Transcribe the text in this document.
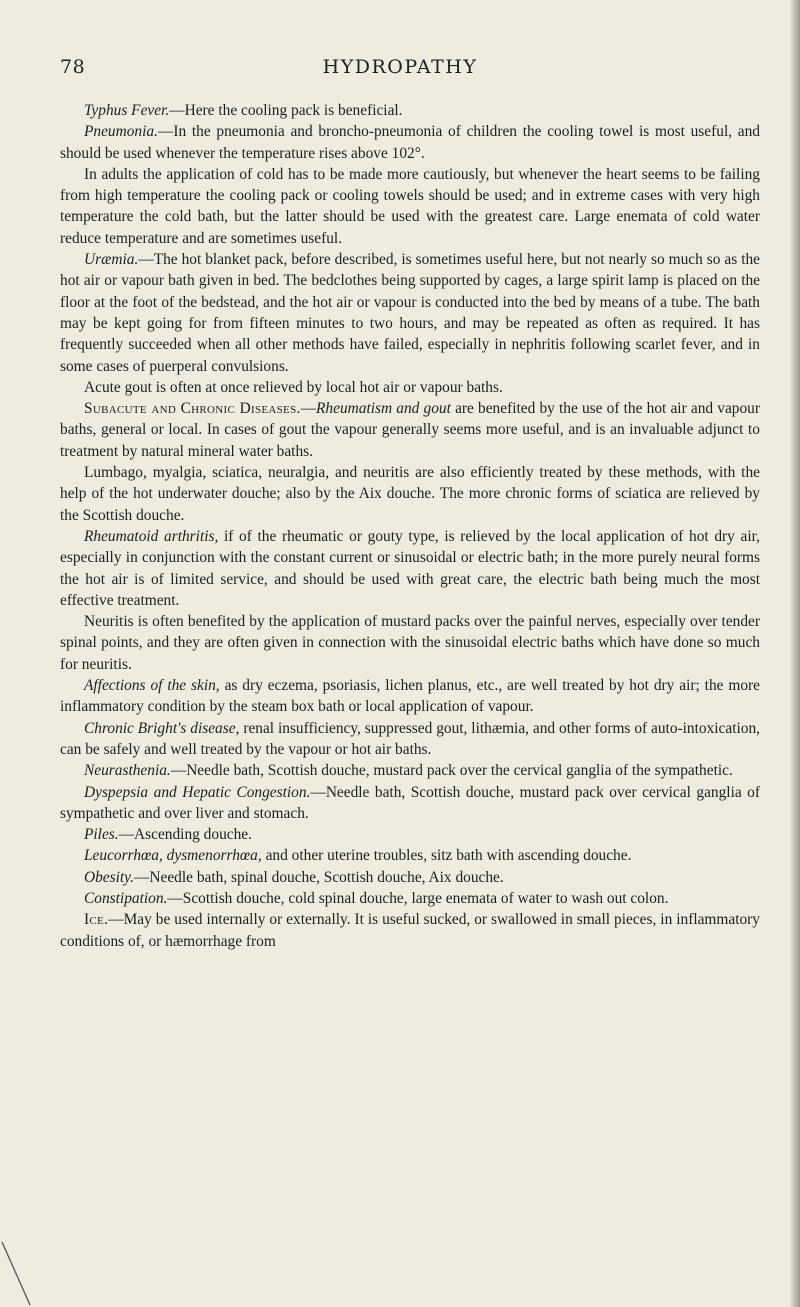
78	HYDROPATHY

Typhus Fever.—Here the cooling pack is beneficial.

Pneumonia.—In the pneumonia and broncho-pneumonia of children the cooling towel is most useful, and should be used whenever the temperature rises above 102°.

In adults the application of cold has to be made more cautiously, but whenever the heart seems to be failing from high temperature the cooling pack or cooling towels should be used; and in extreme cases with very high temperature the cold bath, but the latter should be used with the greatest care. Large enemata of cold water reduce temperature and are sometimes useful.

Uræmia.—The hot blanket pack, before described, is sometimes useful here, but not nearly so much so as the hot air or vapour bath given in bed. The bedclothes being supported by cages, a large spirit lamp is placed on the floor at the foot of the bedstead, and the hot air or vapour is conducted into the bed by means of a tube. The bath may be kept going for from fifteen minutes to two hours, and may be repeated as often as required. It has frequently succeeded when all other methods have failed, especially in nephritis following scarlet fever, and in some cases of puerperal convulsions.

Acute gout is often at once relieved by local hot air or vapour baths.

Subacute and Chronic Diseases.—Rheumatism and gout are benefited by the use of the hot air and vapour baths, general or local. In cases of gout the vapour generally seems more useful, and is an invaluable adjunct to treatment by natural mineral water baths.

Lumbago, myalgia, sciatica, neuralgia, and neuritis are also efficiently treated by these methods, with the help of the hot underwater douche; also by the Aix douche. The more chronic forms of sciatica are relieved by the Scottish douche.

Rheumatoid arthritis, if of the rheumatic or gouty type, is relieved by the local application of hot dry air, especially in conjunction with the constant current or sinusoidal or electric bath; in the more purely neural forms the hot air is of limited service, and should be used with great care, the electric bath being much the most effective treatment.

Neuritis is often benefited by the application of mustard packs over the painful nerves, especially over tender spinal points, and they are often given in connection with the sinusoidal electric baths which have done so much for neuritis.

Affections of the skin, as dry eczema, psoriasis, lichen planus, etc., are well treated by hot dry air; the more inflammatory condition by the steam box bath or local application of vapour.

Chronic Bright's disease, renal insufficiency, suppressed gout, lithæmia, and other forms of auto-intoxication, can be safely and well treated by the vapour or hot air baths.

Neurasthenia.—Needle bath, Scottish douche, mustard pack over the cervical ganglia of the sympathetic.

Dyspepsia and Hepatic Congestion.—Needle bath, Scottish douche, mustard pack over cervical ganglia of sympathetic and over liver and stomach.

Piles.—Ascending douche.

Leucorrhœa, dysmenorrhœa, and other uterine troubles, sitz bath with ascending douche.

Obesity.—Needle bath, spinal douche, Scottish douche, Aix douche.

Constipation.—Scottish douche, cold spinal douche, large enemata of water to wash out colon.

Ice.—May be used internally or externally. It is useful sucked, or swallowed in small pieces, in inflammatory conditions of, or hæmorrhage from
